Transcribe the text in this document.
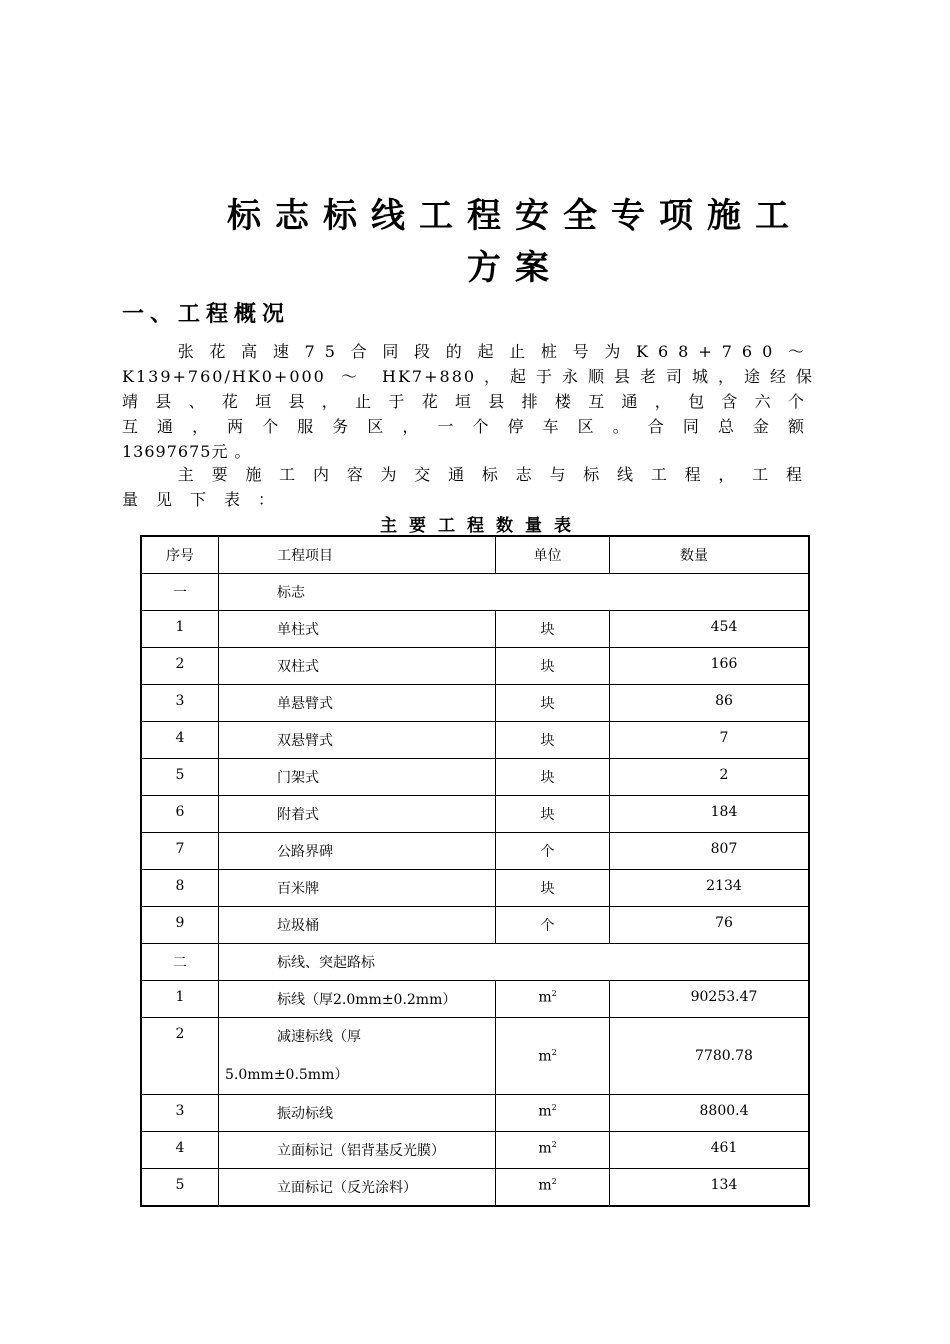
标志标线工程安全专项施工
方案
一、工程概况
张花高速75合同段的起止桩号为K68+760～
K139+760/HK0+000 ～ HK7+880，起于永顺县老司城，途经保
靖县、花垣县，止于花垣县排楼互通，包含六个
互通，两个服务区，一个停车区。合同总金额
13697675元 。
主要施工内容为交通标志与标线工程，工程
量见下表：
主要工程数量表
序号	工程项目	单位	数量
一	标志		
1	单柱式	块	454
2	双柱式	块	166
3	单悬臂式	块	86
4	双悬臂式	块	7
5	门架式	块	2
6	附着式	块	184
7	公路界碑	个	807
8	百米牌	块	2134
9	垃圾桶	个	76
二	标线、突起路标		
1	标线（厚2.0mm±0.2mm）	$m^2$	90253.47
2	减速标线（厚
5.0mm±0.5mm）	$m^2$	7780.78
3	振动标线	$m^2$	8800.4
4	立面标记（铝背基反光膜）	$m^2$	461
5	立面标记（反光涂料）	$m^2$	134
